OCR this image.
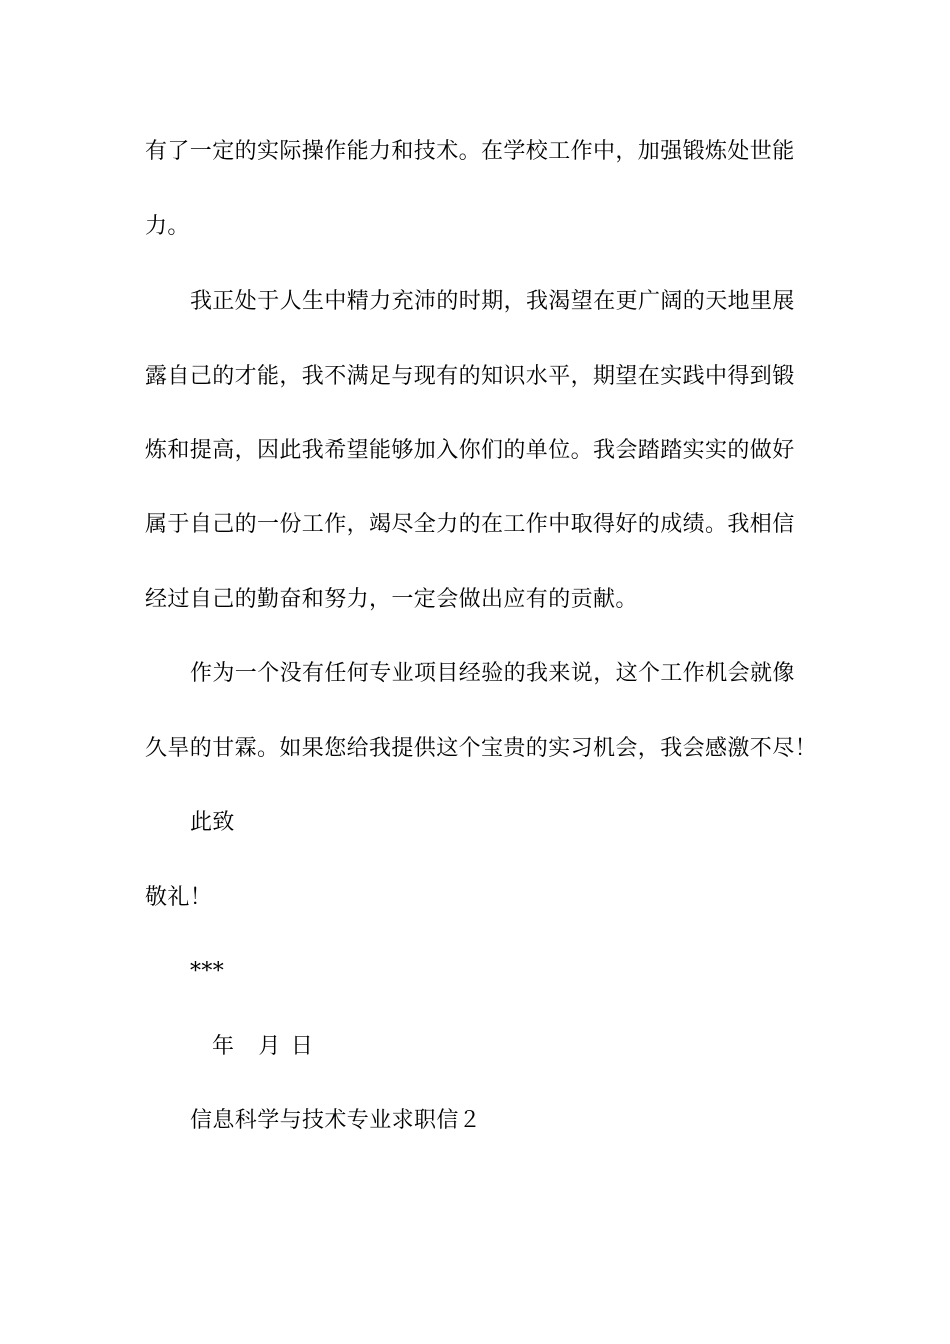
有了一定的实际操作能力和技术。在学校工作中，加强锻炼处世能
力。
我正处于人生中精力充沛的时期，我渴望在更广阔的天地里展
露自己的才能，我不满足与现有的知识水平，期望在实践中得到锻
炼和提高，因此我希望能够加入你们的单位。我会踏踏实实的做好
属于自己的一份工作，竭尽全力的在工作中取得好的成绩。我相信
经过自己的勤奋和努力，一定会做出应有的贡献。
作为一个没有任何专业项目经验的我来说，这个工作机会就像
久旱的甘霖。如果您给我提供这个宝贵的实习机会，我会感激不尽！
此致
敬礼！
***
年 月 日
信息科学与技术专业求职信２
